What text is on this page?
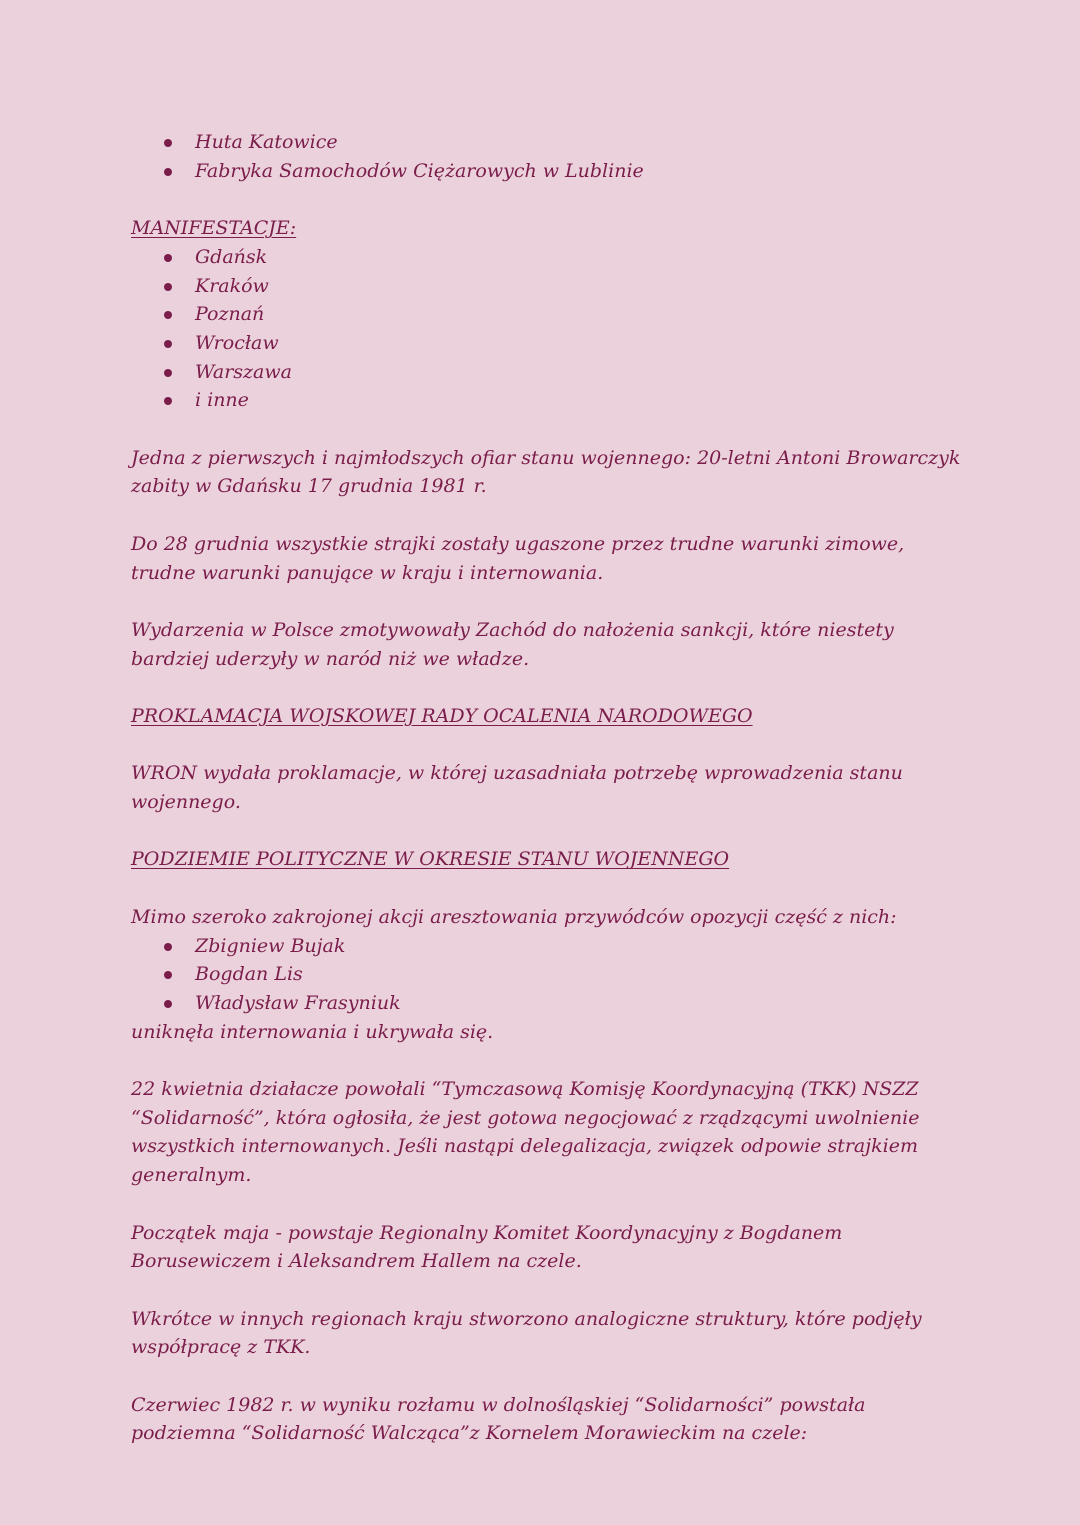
Huta Katowice
Fabryka Samochodów Ciężarowych w Lublinie

MANIFESTACJE:

Gdańsk
Kraków
Poznań
Wrocław
Warszawa
i inne

Jedna z pierwszych i najmłodszych ofiar stanu wojennego: 20-letni Antoni Browarczyk zabity w Gdańsku 17 grudnia 1981 r.

Do 28 grudnia wszystkie strajki zostały ugaszone przez trudne warunki zimowe, trudne warunki panujące w kraju i internowania.

Wydarzenia w Polsce zmotywowały Zachód do nałożenia sankcji, które niestety bardziej uderzyły w naród niż we władze.

PROKLAMACJA WOJSKOWEJ RADY OCALENIA NARODOWEGO

WRON wydała proklamacje, w której uzasadniała potrzebę wprowadzenia stanu wojennego.

PODZIEMIE POLITYCZNE W OKRESIE STANU WOJENNEGO

Mimo szeroko zakrojonej akcji aresztowania przywódców opozycji część z nich:

Zbigniew Bujak
Bogdan Lis
Władysław Frasyniuk

uniknęła internowania i ukrywała się.

22 kwietnia działacze powołali “Tymczasową Komisję Koordynacyjną (TKK) NSZZ “Solidarność”, która ogłosiła, że jest gotowa negocjować z rządzącymi uwolnienie wszystkich internowanych. Jeśli nastąpi delegalizacja, związek odpowie strajkiem generalnym.

Początek maja - powstaje Regionalny Komitet Koordynacyjny z Bogdanem Borusewiczem i Aleksandrem Hallem na czele.

Wkrótce w innych regionach kraju stworzono analogiczne struktury, które podjęły współpracę z TKK.

Czerwiec 1982 r. w wyniku rozłamu w dolnośląskiej “Solidarności” powstała podziemna “Solidarność Walcząca”z Kornelem Morawieckim na czele:
